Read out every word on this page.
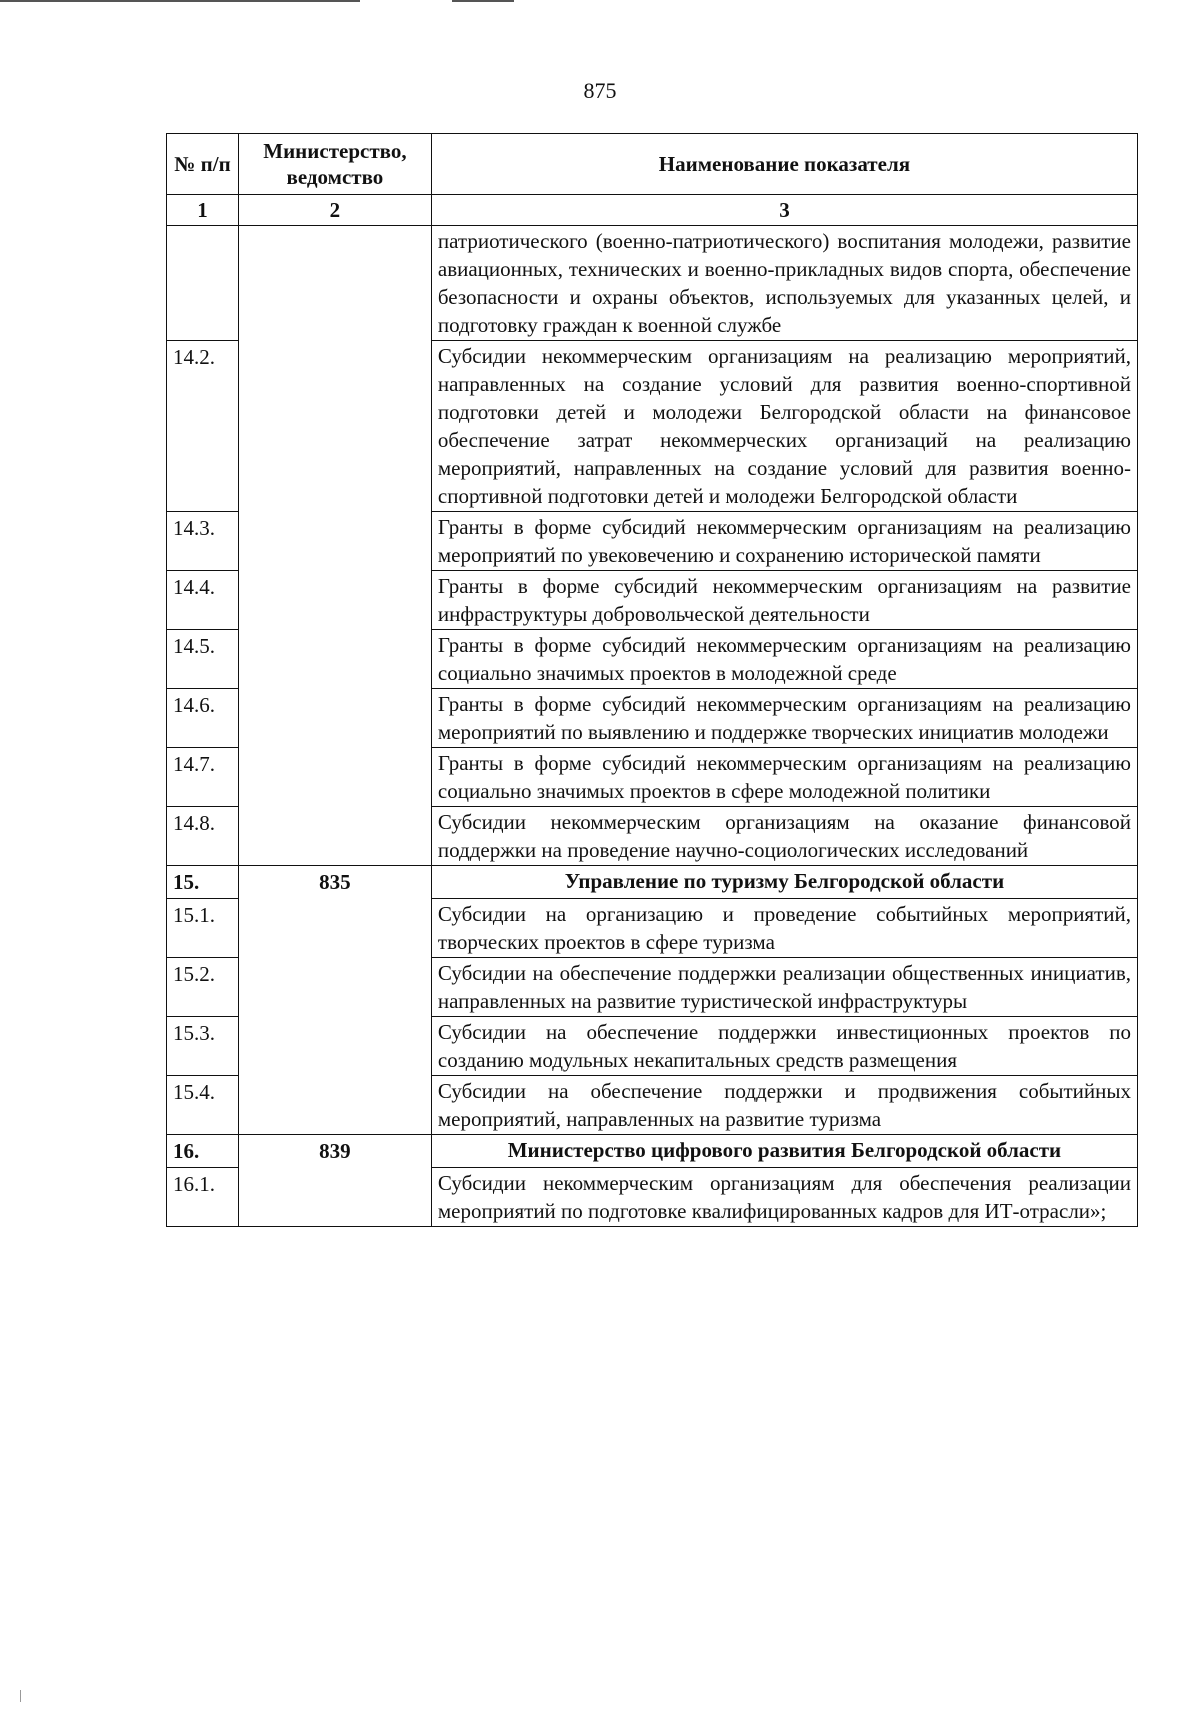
875
№ п/п	Министерство, ведомство	Наименование показателя
1	2	3
		патриотического (военно-патриотического) воспитания молодежи, развитие авиационных, технических и военно-прикладных видов спорта, обеспечение безопасности и охраны объектов, используемых для указанных целей, и подготовку граждан к военной службе
14.2.		Субсидии некоммерческим организациям на реализацию мероприятий, направленных на создание условий для развития военно-спортивной подготовки детей и молодежи Белгородской области на финансовое обеспечение затрат некоммерческих организаций на реализацию мероприятий, направленных на создание условий для развития военно-спортивной подготовки детей и молодежи Белгородской области
14.3.		Гранты в форме субсидий некоммерческим организациям на реализацию мероприятий по увековечению и сохранению исторической памяти
14.4.		Гранты в форме субсидий некоммерческим организациям на развитие инфраструктуры добровольческой деятельности
14.5.		Гранты в форме субсидий некоммерческим организациям на реализацию социально значимых проектов в молодежной среде
14.6.		Гранты в форме субсидий некоммерческим организациям на реализацию мероприятий по выявлению и поддержке творческих инициатив молодежи
14.7.		Гранты в форме субсидий некоммерческим организациям на реализацию социально значимых проектов в сфере молодежной политики
14.8.		Субсидии некоммерческим организациям на оказание финансовой поддержки на проведение научно-социологических исследований
15.	835	Управление по туризму Белгородской области
15.1.		Субсидии на организацию и проведение событийных мероприятий, творческих проектов в сфере туризма
15.2.		Субсидии на обеспечение поддержки реализации общественных инициатив, направленных на развитие туристической инфраструктуры
15.3.		Субсидии на обеспечение поддержки инвестиционных проектов по созданию модульных некапитальных средств размещения
15.4.		Субсидии на обеспечение поддержки и продвижения событийных мероприятий, направленных на развитие туризма
16.	839	Министерство цифрового развития Белгородской области
16.1.		Субсидии некоммерческим организациям для обеспечения реализации мероприятий по подготовке квалифицированных кадров для ИТ-отрасли»;
